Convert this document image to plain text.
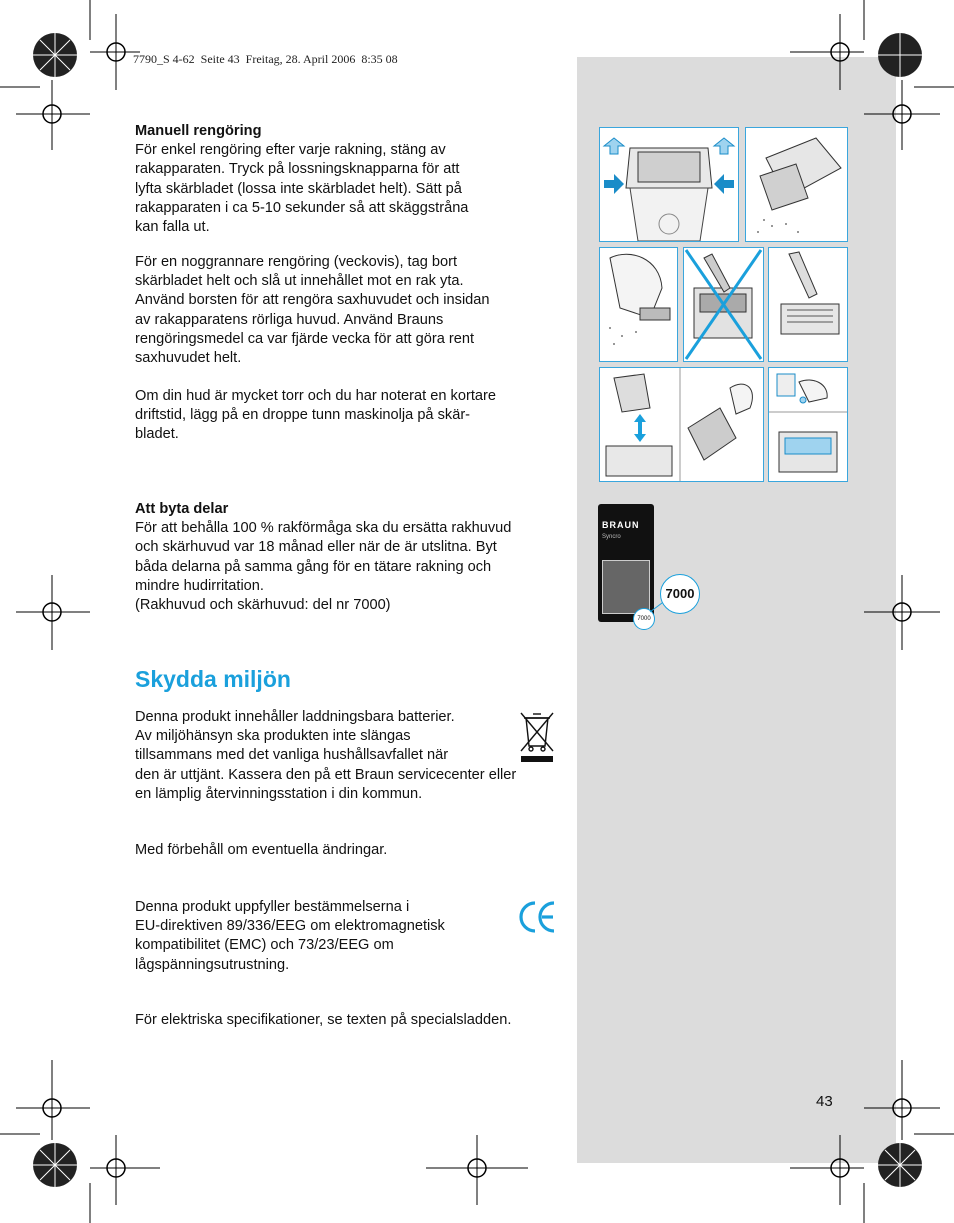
7790_S 4-62  Seite 43  Freitag, 28. April 2006  8:35 08

Manuell rengöring

För enkel rengöring efter varje rakning, stäng av

rakapparaten. Tryck på lossningsknapparna för att

lyfta skärbladet (lossa inte skärbladet helt). Sätt på

rakapparaten i ca 5-10 sekunder så att skäggstråna

kan falla ut.

För en noggrannare rengöring (veckovis), tag bort

skärbladet helt och slå ut innehållet mot en rak yta.

Använd borsten för att rengöra saxhuvudet och insidan

av rakapparatens rörliga huvud. Använd Brauns

rengöringsmedel ca var fjärde vecka för att göra rent

saxhuvudet helt.

Om din hud är mycket torr och du har noterat en kortare

driftstid, lägg på en droppe tunn maskinolja på skär-

bladet.

Att byta delar

För att behålla 100 % rakförmåga ska du ersätta rakhuvud

och skärhuvud var 18 månad eller när de är utslitna. Byt

båda delarna på samma gång för en tätare rakning och

mindre hudirritation.

(Rakhuvud och skärhuvud: del nr 7000)

Skydda miljön

Denna produkt innehåller laddningsbara batterier.

Av miljöhänsyn ska produkten inte slängas

tillsammans med det vanliga hushållsavfallet när

den är uttjänt. Kassera den på ett Braun servicecenter eller

en lämplig återvinningsstation i din kommun.

Med förbehåll om eventuella ändringar.

Denna produkt uppfyller bestämmelserna i

EU-direktiven 89/336/EEG om elektromagnetisk

kompatibilitet (EMC) och 73/23/EEG om

lågspänningsutrustning.

För elektriska specifikationer, se texten på specialsladden.
43
BRAUN
Syncro
7000
7000
